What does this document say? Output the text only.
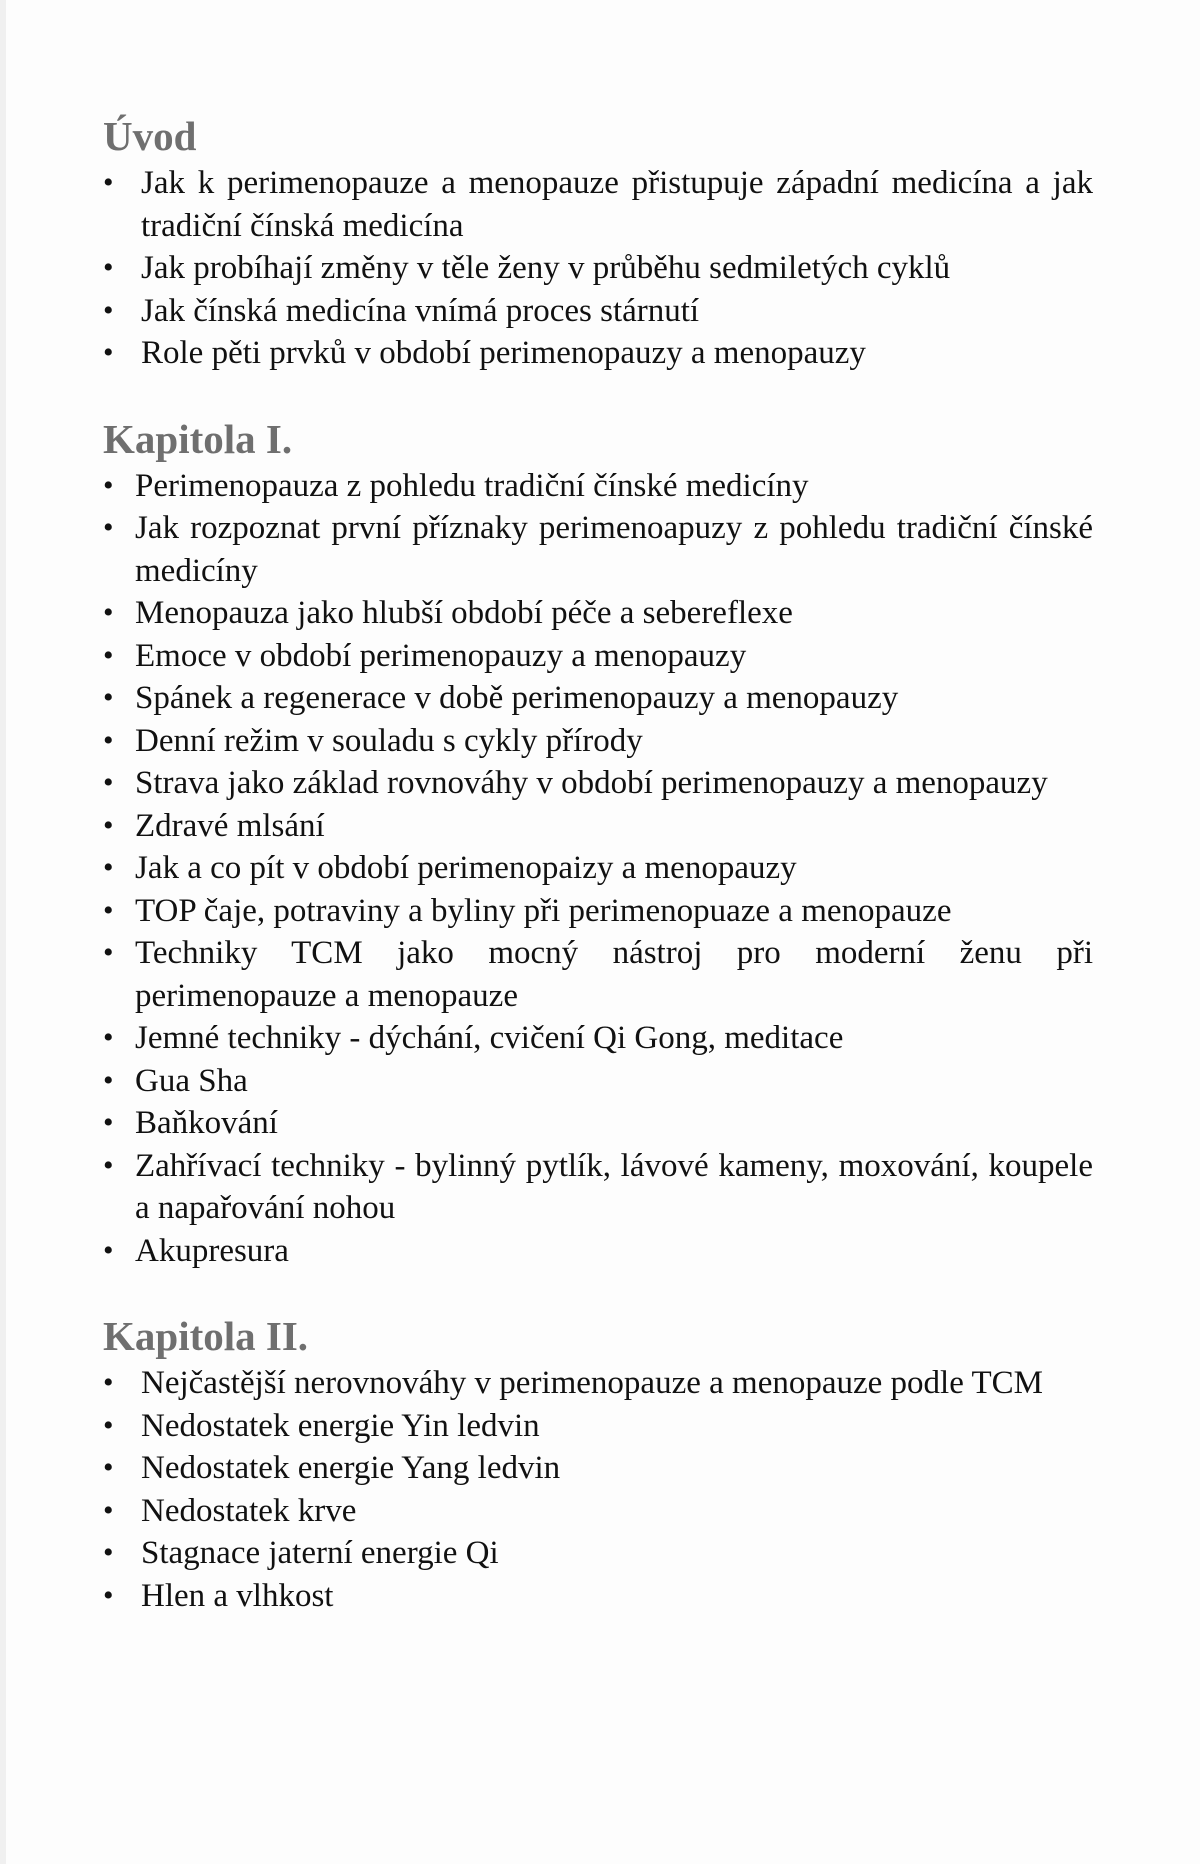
Úvod
• Jak k perimenopauze a menopauze přistupuje západní medicína a jak tradiční čínská medicína
• Jak probíhají změny v těle ženy v průběhu sedmiletých cyklů
• Jak čínská medicína vnímá proces stárnutí
• Role pěti prvků v období perimenopauzy a menopauzy
Kapitola I.
• Perimenopauza z pohledu tradiční čínské medicíny
• Jak rozpoznat první příznaky perimenoapuzy z pohledu tradiční čínské medicíny
• Menopauza jako hlubší období péče a sebereflexe
• Emoce v období perimenopauzy a menopauzy
• Spánek a regenerace v době perimenopauzy a menopauzy
• Denní režim v souladu s cykly přírody
• Strava jako základ rovnováhy v období perimenopauzy a menopauzy
• Zdravé mlsání
• Jak a co pít v období perimenopaizy a menopauzy
• TOP čaje, potraviny a byliny při perimenopuaze a menopauze
• Techniky TCM jako mocný nástroj pro moderní ženu při perimenopauze a menopauze
• Jemné techniky - dýchání, cvičení Qi Gong, meditace
• Gua Sha
• Baňkování
• Zahřívací techniky - bylinný pytlík, lávové kameny, moxování, koupele a napařování nohou
• Akupresura
Kapitola II.
• Nejčastější nerovnováhy v perimenopauze a menopauze podle TCM
• Nedostatek energie Yin ledvin
• Nedostatek energie Yang ledvin
• Nedostatek krve
• Stagnace jaterní energie Qi
• Hlen a vlhkost
